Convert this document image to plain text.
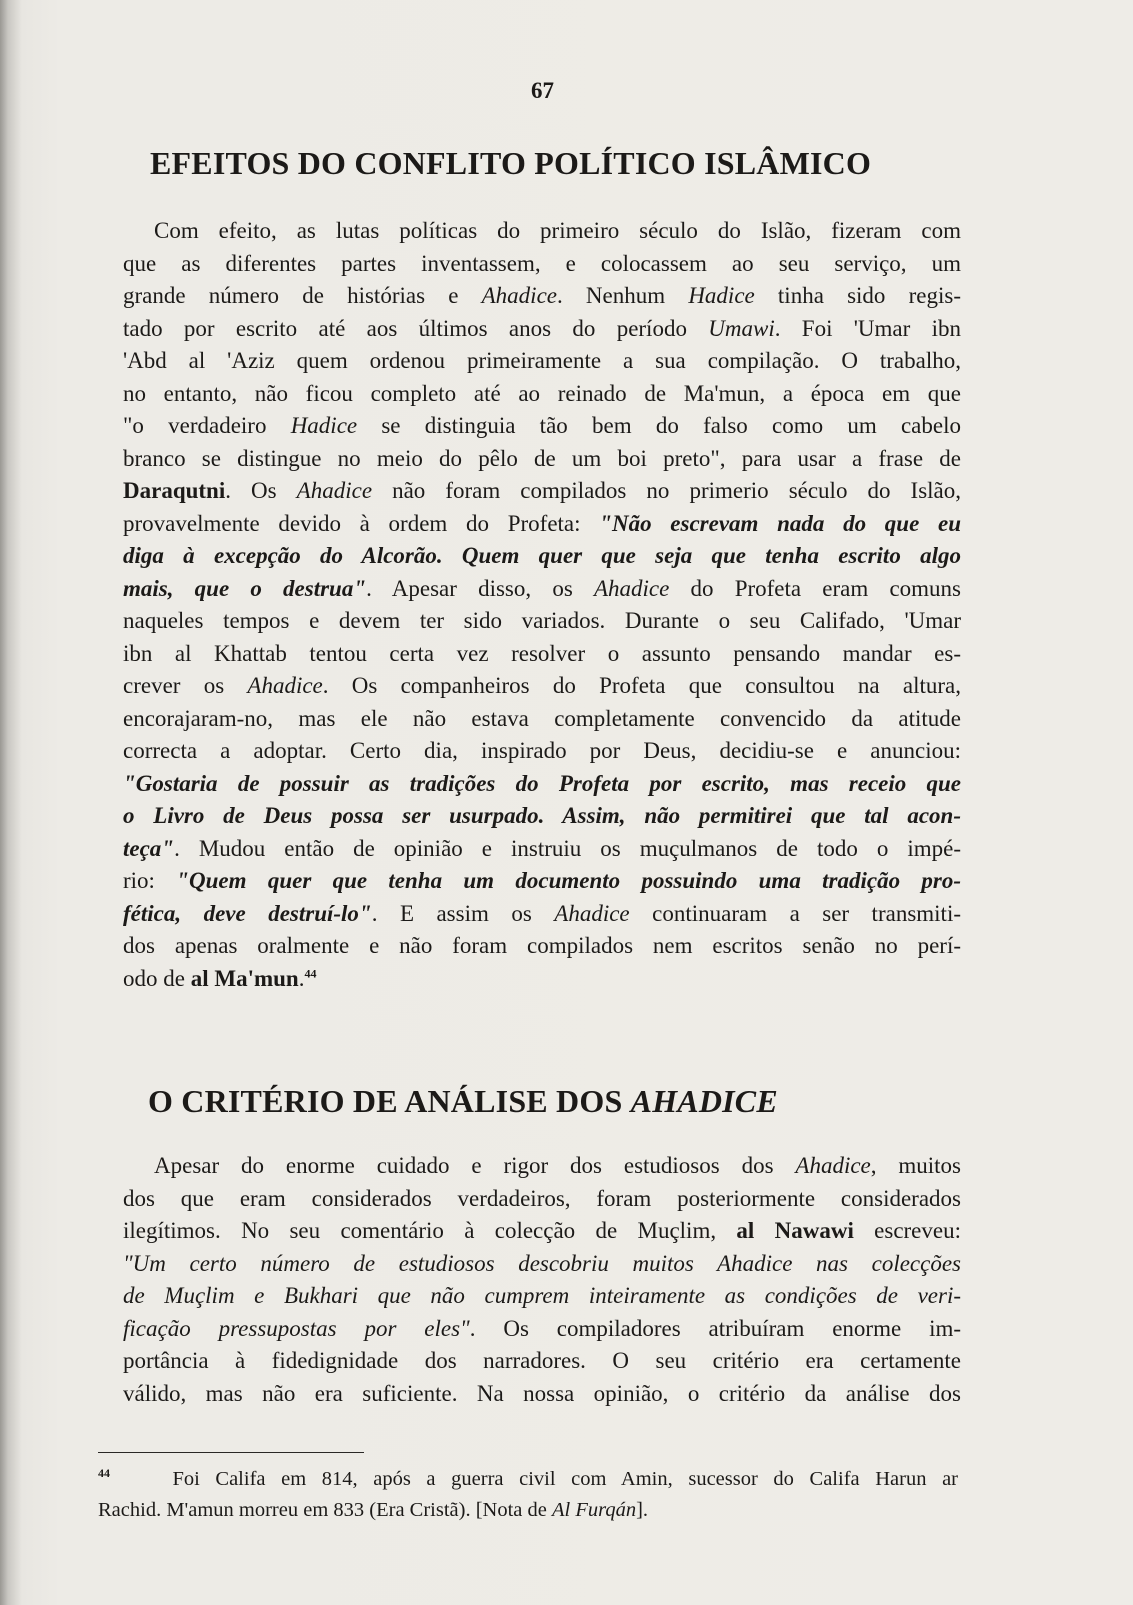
67
EFEITOS DO CONFLITO POLÍTICO ISLÂMICO
Com efeito, as lutas políticas do primeiro século do Islão, fizeram com
que as diferentes partes inventassem, e colocassem ao seu serviço, um
grande número de histórias e Ahadice. Nenhum Hadice tinha sido regis-
tado por escrito até aos últimos anos do período Umawi. Foi 'Umar ibn
'Abd al 'Aziz quem ordenou primeiramente a sua compilação. O trabalho,
no entanto, não ficou completo até ao reinado de Ma'mun, a época em que
"o verdadeiro Hadice se distinguia tão bem do falso como um cabelo
branco se distingue no meio do pêlo de um boi preto", para usar a frase de
Daraqutni. Os Ahadice não foram compilados no primerio século do Islão,
provavelmente devido à ordem do Profeta: "Não escrevam nada do que eu
diga à excepção do Alcorão. Quem quer que seja que tenha escrito algo
mais, que o destrua". Apesar disso, os Ahadice do Profeta eram comuns
naqueles tempos e devem ter sido variados. Durante o seu Califado, 'Umar
ibn al Khattab tentou certa vez resolver o assunto pensando mandar es-
crever os Ahadice. Os companheiros do Profeta que consultou na altura,
encorajaram-no, mas ele não estava completamente convencido da atitude
correcta a adoptar. Certo dia, inspirado por Deus, decidiu-se e anunciou:
"Gostaria de possuir as tradições do Profeta por escrito, mas receio que
o Livro de Deus possa ser usurpado. Assim, não permitirei que tal acon-
teça". Mudou então de opinião e instruiu os muçulmanos de todo o impé-
rio: "Quem quer que tenha um documento possuindo uma tradição pro-
fética, deve destruí-lo". E assim os Ahadice continuaram a ser transmiti-
dos apenas oralmente e não foram compilados nem escritos senão no perí-
odo de al Ma'mun.$^{44}$
O CRITÉRIO DE ANÁLISE DOS AHADICE
Apesar do enorme cuidado e rigor dos estudiosos dos Ahadice, muitos
dos que eram considerados verdadeiros, foram posteriormente considerados
ilegítimos. No seu comentário à colecção de Muçlim, al Nawawi escreveu:
"Um certo número de estudiosos descobriu muitos Ahadice nas colecções
de Muçlim e Bukhari que não cumprem inteiramente as condições de veri-
ficação pressupostas por eles". Os compiladores atribuíram enorme im-
portância à fidedignidade dos narradores. O seu critério era certamente
válido, mas não era suficiente. Na nossa opinião, o critério da análise dos
$^{44}$	Foi Califa em 814, após a guerra civil com Amin, sucessor do Califa Harun ar
Rachid. M'amun morreu em 833 (Era Cristã). [Nota de Al Furqán].
